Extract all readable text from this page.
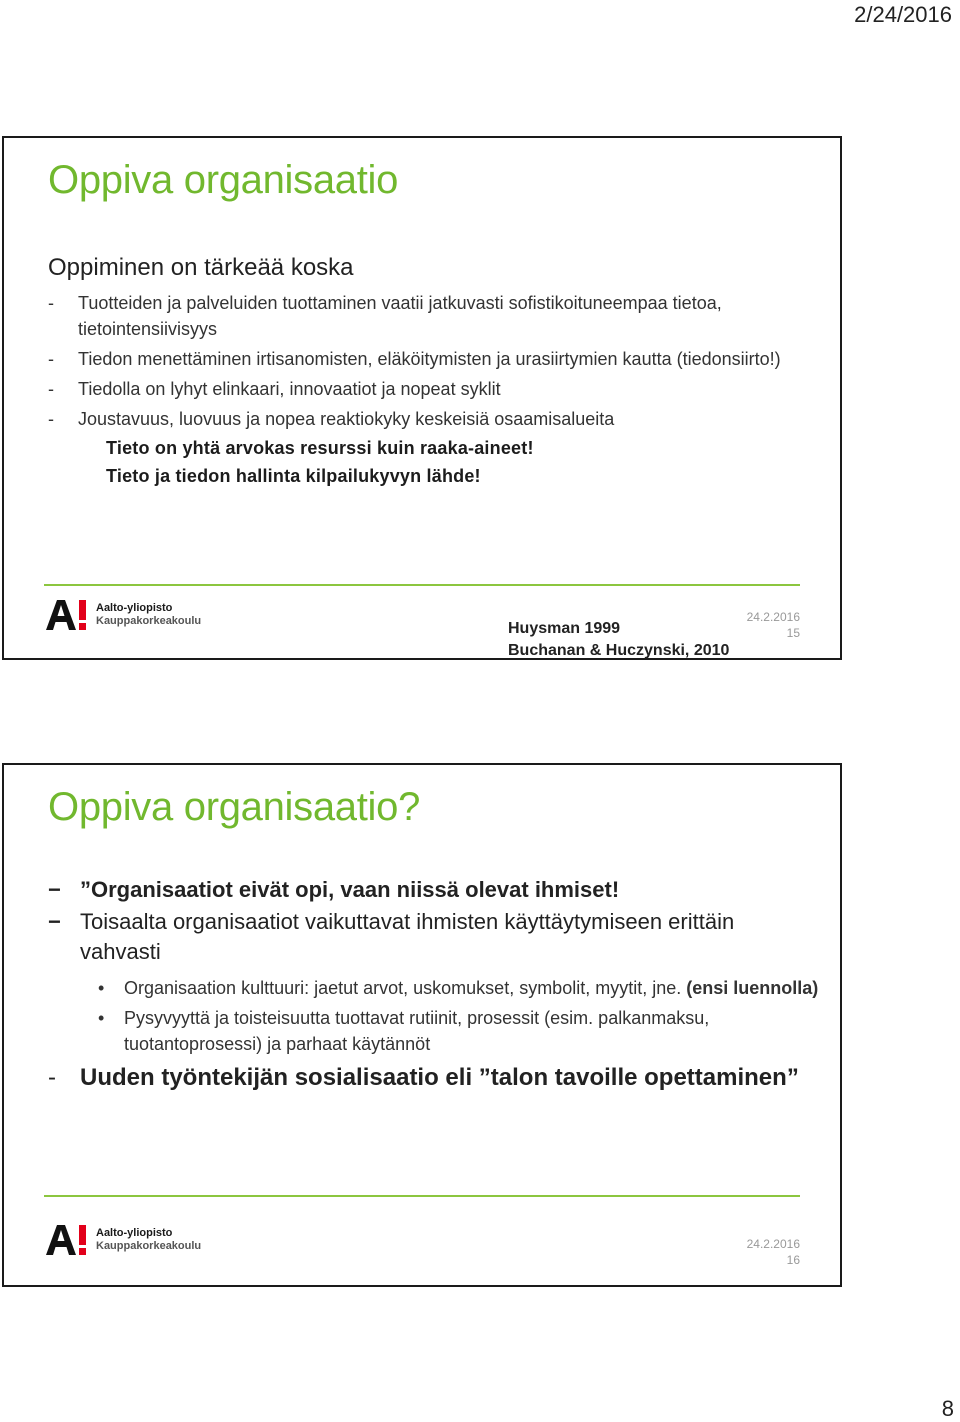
2/24/2016
Oppiva organisaatio

Oppiminen on tärkeää koska

- Tuotteiden ja palveluiden tuottaminen vaatii jatkuvasti sofistikoituneempaa tietoa, tietointensiivisyys

- Tiedon menettäminen irtisanomisten, eläköitymisten ja urasiirtymien kautta (tiedonsiirto!)

- Tiedolla on lyhyt elinkaari, innovaatiot ja nopeat syklit

- Joustavuus, luovuus ja nopea reaktiokyky keskeisiä osaamisalueita

Tieto on yhtä arvokas resurssi kuin raaka-aineet!
Tieto ja tiedon hallinta kilpailukyvyn lähde!
Aalto-yliopisto
Kauppakorkeakoulu	Huysman 1999
Buchanan & Huczynski, 2010
24.2.2016
15
Oppiva organisaatio?

− ”Organisaatiot eivät opi, vaan niissä olevat ihmiset!

− Toisaalta organisaatiot vaikuttavat ihmisten käyttäytymiseen erittäin vahvasti

• Organisaation kulttuuri: jaetut arvot, uskomukset, symbolit, myytit, jne. (ensi luennolla)

• Pysyvyyttä ja toisteisuutta tuottavat rutiinit, prosessit (esim. palkanmaksu, tuotantoprosessi) ja parhaat käytännöt

- Uuden työntekijän sosialisaatio eli ”talon tavoille opettaminen”

Aalto-yliopisto
Kauppakorkeakoulu	24.2.2016
16
8
